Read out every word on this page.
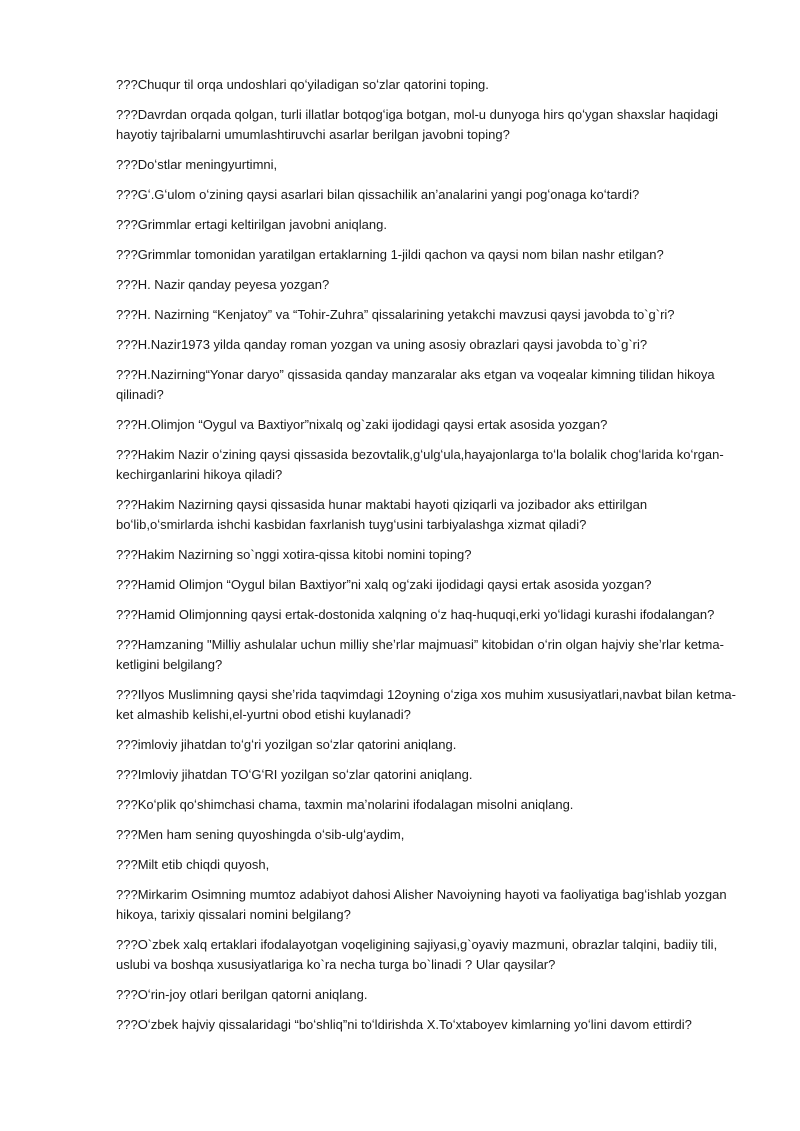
???Chuqur til orqa undoshlari qoʻyiladigan soʻzlar qatorini toping.

???Davrdan orqada qolgan, turli illatlar botqogʻiga botgan, mol-u dunyoga hirs qoʻygan shaxslar haqidagi hayotiy tajribalarni umumlashtiruvchi asarlar berilgan javobni toping?

???Doʻstlar meningyurtimni,

???Gʻ.Gʻulom oʻzining qaysi asarlari bilan qissachilik anʼanalarini yangi pogʻonaga koʻtardi?

???Grimmlar ertagi keltirilgan javobni aniqlang.

???Grimmlar tomonidan yaratilgan ertaklarning 1-jildi qachon va qaysi nom bilan nashr etilgan?

???H. Nazir qanday peyesa yozgan?

???H. Nazirning “Kenjatoy” va “Tohir-Zuhra” qissalarining yetakchi mavzusi qaysi javobda to`g`ri?

???H.Nazir1973 yilda qanday roman yozgan va uning asosiy obrazlari qaysi javobda to`g`ri?

???H.Nazirning“Yonar daryo” qissasida qanday manzaralar aks etgan va voqealar kimning tilidan hikoya qilinadi?

???H.Olimjon “Oygul va Baxtiyor”nixalq og`zaki ijodidagi qaysi ertak asosida yozgan?

???Hakim Nazir oʻzining qaysi qissasida bezovtalik,gʻulgʻula,hayajonlarga toʻla bolalik chogʻlarida koʻrgan-kechirganlarini hikoya qiladi?

???Hakim Nazirning qaysi qissasida hunar maktabi hayoti qiziqarli va jozibador aks ettirilgan boʻlib,oʻsmirlarda ishchi kasbidan faxrlanish tuygʻusini tarbiyalashga xizmat qiladi?

???Hakim Nazirning so`nggi xotira-qissa kitobi nomini toping?

???Hamid Olimjon “Oygul bilan Baxtiyor”ni xalq ogʻzaki ijodidagi qaysi ertak asosida yozgan?

???Hamid Olimjonning qaysi ertak-dostonida xalqning oʻz haq-huquqi,erki yoʻlidagi kurashi ifodalangan?

???Hamzaning "Milliy ashulalar uchun milliy sheʼrlar majmuasi” kitobidan oʻrin olgan hajviy sheʼrlar ketma-ketligini belgilang?

???Ilyos Muslimning qaysi sheʼrida taqvimdagi 12oyning oʻziga xos muhim xususiyatlari,navbat bilan ketma-ket almashib kelishi,el-yurtni obod etishi kuylanadi?

???imloviy jihatdan toʻgʻri yozilgan soʻzlar qatorini aniqlang.

???Imloviy jihatdan TOʻGʻRI yozilgan soʻzlar qatorini aniqlang.

???Koʻplik qoʻshimchasi chama, taxmin maʼnolarini ifodalagan misolni aniqlang.

???Men ham sening quyoshingda oʻsib-ulgʻaydim,

???Milt etib chiqdi quyosh,

???Mirkarim Osimning mumtoz adabiyot dahosi Alisher Navoiyning hayoti va faoliyatiga bagʻishlab yozgan hikoya, tarixiy qissalari nomini belgilang?

???O`zbek xalq ertaklari ifodalayotgan voqeligining sajiyasi,g`oyaviy mazmuni, obrazlar talqini, badiiy tili, uslubi va boshqa xususiyatlariga ko`ra necha turga bo`linadi ? Ular qaysilar?

???Oʻrin-joy otlari berilgan qatorni aniqlang.

???Oʻzbek hajviy qissalaridagi “boʻshliq”ni toʻldirishda X.Toʻxtaboyev kimlarning yoʻlini davom ettirdi?
